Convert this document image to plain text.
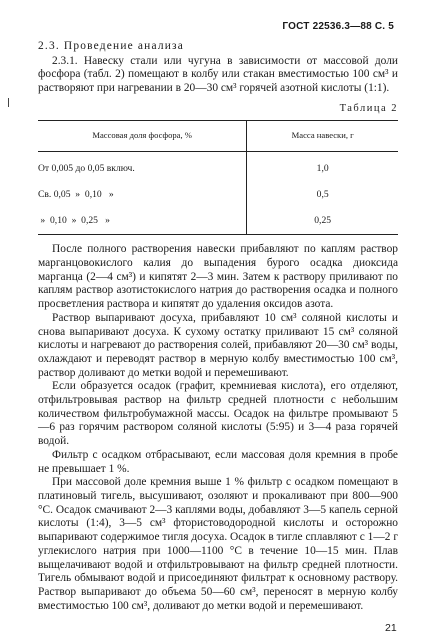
ГОСТ 22536.3—88 С. 5

2.3. Проведение анализа

2.3.1. Навеску стали или чугуна в зависимости от массовой доли фосфора (табл. 2) помещают в колбу или стакан вместимостью 100 см³ и растворяют при нагревании в 20—30 см³ горячей азотной кислоты (1:1).

Таблица 2
Массовая доля фосфора, %	Масса навески, г
От 0,005 до 0,05 включ.	1,0
Св. 0,05  »  0,10   »	0,5
»  0,10  »  0,25   »	0,25

После полного растворения навески прибавляют по каплям раствор марганцовокислого калия до выпадения бурого осадка диоксида марганца (2—4 см³) и кипятят 2—3 мин. Затем к раствору приливают по каплям раствор азотистокислого натрия до растворения осадка и полного просветления раствора и кипятят до удаления оксидов азота.

Раствор выпаривают досуха, прибавляют 10 см³ соляной кислоты и снова выпаривают досуха. К сухому остатку приливают 15 см³ соляной кислоты и нагревают до растворения солей, прибавляют 20—30 см³ воды, охлаждают и переводят раствор в мерную колбу вместимостью 100 см³, раствор доливают до метки водой и перемешивают.

Если образуется осадок (графит, кремниевая кислота), его отделяют, отфильтровывая раствор на фильтр средней плотности с небольшим количеством фильтробумажной массы. Осадок на фильтре промывают 5—6 раз горячим раствором соляной кислоты (5:95) и 3—4 раза горячей водой.

Фильтр с осадком отбрасывают, если массовая доля кремния в пробе не превышает 1 %.

При массовой доле кремния выше 1 % фильтр с осадком помещают в платиновый тигель, высушивают, озоляют и прокаливают при 800—900 °С. Осадок смачивают 2—3 каплями воды, добавляют 3—5 капель серной кислоты (1:4), 3—5 см³ фтористоводородной кислоты и осторожно выпаривают содержимое тигля досуха. Осадок в тигле сплавляют с 1—2 г углекислого натрия при 1000—1100 °С в течение 10—15 мин. Плав выщелачивают водой и отфильтровывают на фильтр средней плотности. Тигель обмывают водой и присоединяют фильтрат к основному раствору. Раствор выпаривают до объема 50—60 см³, переносят в мерную колбу вместимостью 100 см³, доливают до метки водой и перемешивают.

21
